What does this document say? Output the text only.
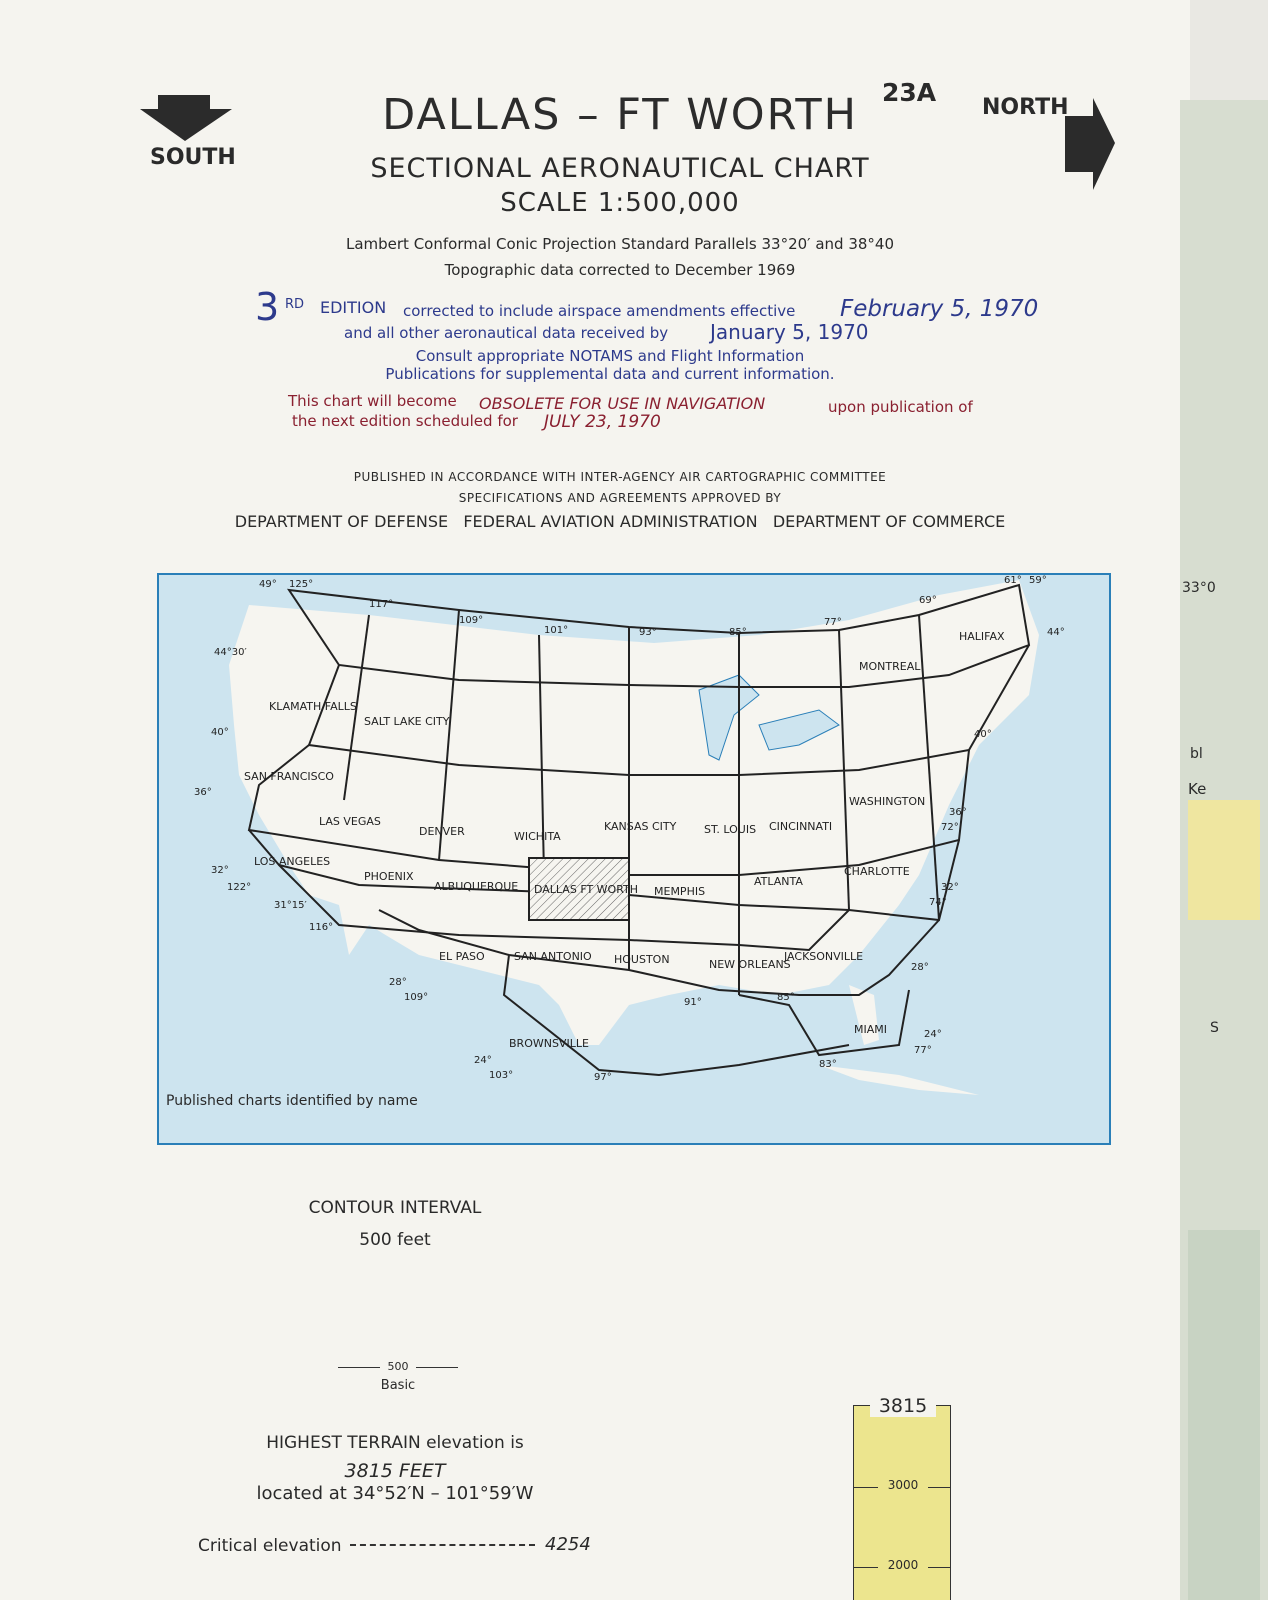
SOUTH
DALLAS – FT WORTH 23A
NORTH
SECTIONAL AERONAUTICAL CHART
SCALE 1:500,000
Lambert Conformal Conic Projection Standard Parallels 33°20′ and 38°40
Topographic data corrected to December 1969
3 RD EDITION corrected to include airspace amendments effective February 5, 1970
and all other aeronautical data received by January 5, 1970
Consult appropriate NOTAMS and Flight Information
Publications for supplemental data and current information.
This chart will become OBSOLETE FOR USE IN NAVIGATION	upon publication of
the next edition scheduled for JULY 23, 1970
PUBLISHED IN ACCORDANCE WITH INTER-AGENCY AIR CARTOGRAPHIC COMMITTEE
SPECIFICATIONS AND AGREEMENTS APPROVED BY
DEPARTMENT OF DEFENSE   FEDERAL AVIATION ADMINISTRATION   DEPARTMENT OF COMMERCE
KLAMATH FALLS
SALT LAKE CITY
SAN FRANCISCO
LAS VEGAS
DENVER	WICHITA
KANSAS CITY	ST. LOUIS CINCINNATI
WASHINGTON
LOS ANGELES
PHOENIX
ALBUQUERQUE DALLAS FT WORTH MEMPHIS
ATLANTA
CHARLOTTE
EL PASO	SAN ANTONIO HOUSTON	NEW ORLEANS
JACKSONVILLE
BROWNSVILLE
MIAMI
MONTREAL
HALIFAX
125°
117°
109°
101°	93°	85°
77°
69°
61° 59°
49°
44°30′
40°
36°
32°
122°
31°15′
116°
44°
40°
36°
72°
32°
74°
28°
24°
77°
28°
109°
24°
103°	97°
91°	85°
83°
Published charts identified by name
CONTOUR INTERVAL
500 feet
500
Basic
HIGHEST TERRAIN elevation is
3815 FEET
located at 34°52′N – 101°59′W
Critical elevation	4254
3815
3000
2000
33°0
bl
Ke
S
